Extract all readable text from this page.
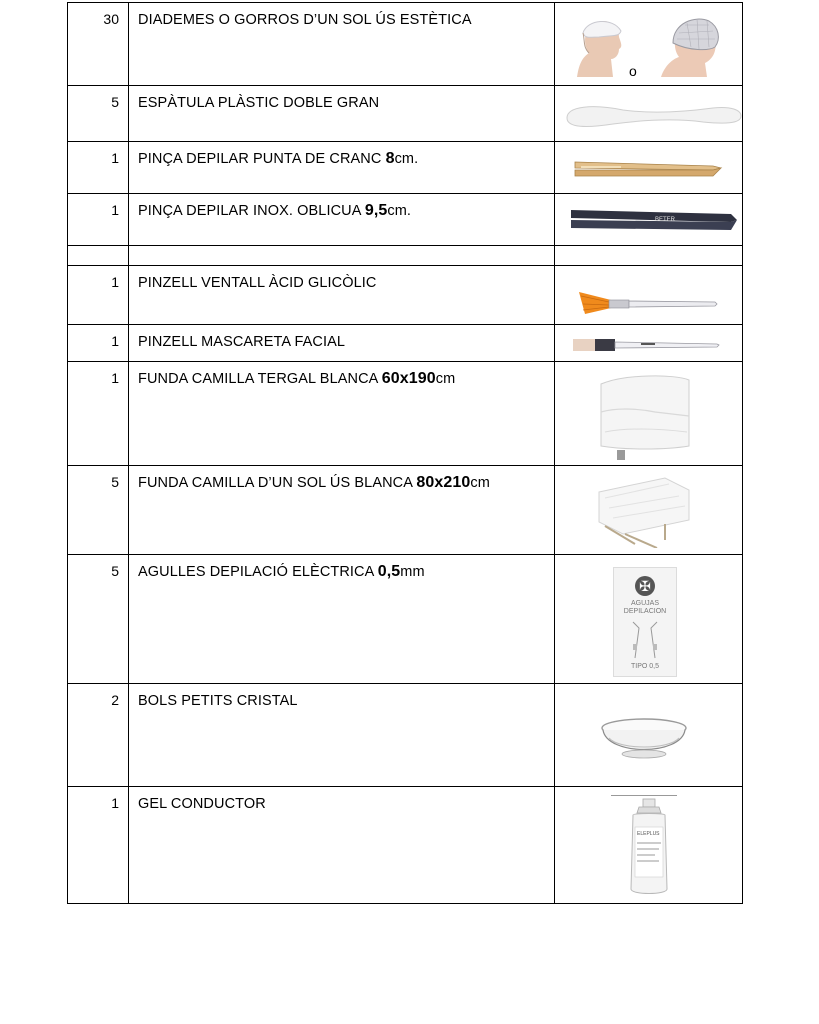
30	DIADEMES O GORROS D’UN SOL ÚS ESTÈTICA	o

5	ESPÀTULA PLÀSTIC DOBLE GRAN	

1	PINÇA DEPILAR PUNTA DE CRANC 8cm.	

1	PINÇA DEPILAR INOX. OBLICUA 9,5cm.	BETER

1	PINZELL VENTALL ÀCID GLICÒLIC	

1	PINZELL MASCARETA FACIAL	

1	FUNDA CAMILLA TERGAL BLANCA 60x190cm	

5	FUNDA CAMILLA D’UN SOL ÚS BLANCA 80x210cm	

5	AGULLES DEPILACIÓ ELÈCTRICA 0,5mm	✠
AGUJAS
DEPILACION
TIPO 0,5

2	BOLS PETITS CRISTAL	

1	GEL CONDUCTOR	ELEPLUS
